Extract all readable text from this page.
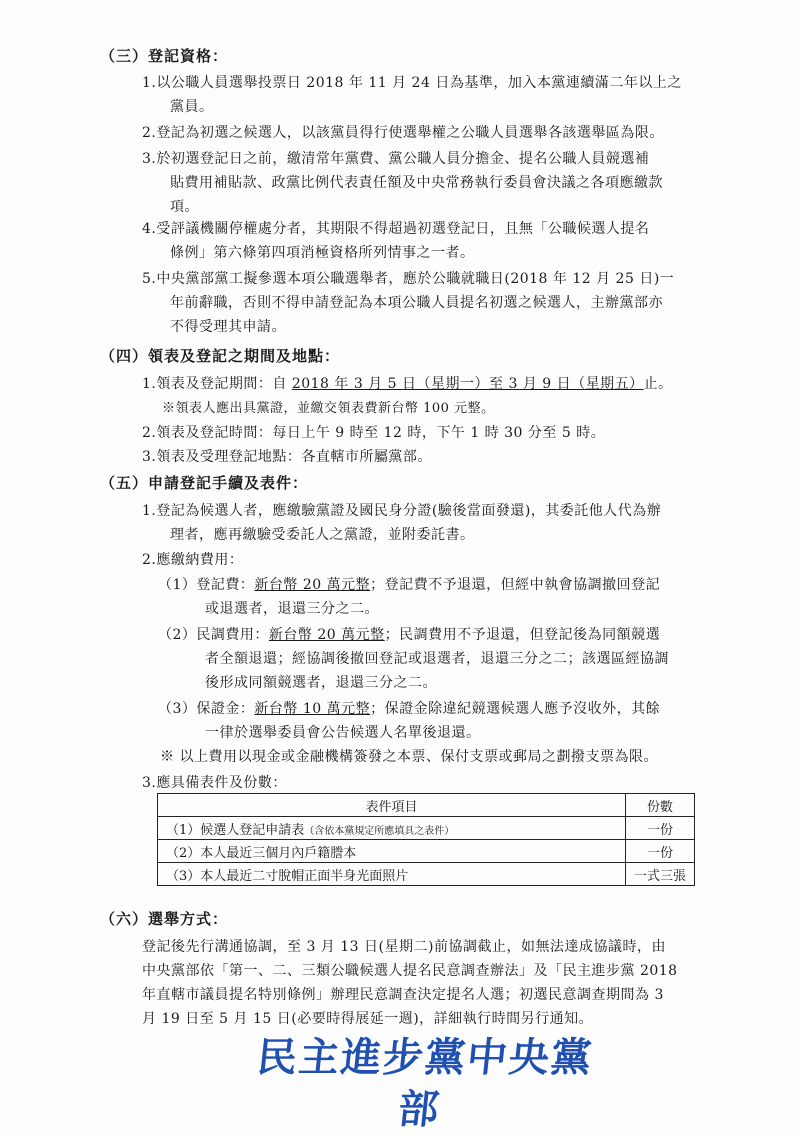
（三）登記資格：
1.以公職人員選舉投票日 2018 年 11 月 24 日為基準，加入本黨連續滿二年以上之
黨員。
2.登記為初選之候選人，以該黨員得行使選舉權之公職人員選舉各該選舉區為限。
3.於初選登記日之前，繳清常年黨費、黨公職人員分擔金、提名公職人員競選補
貼費用補貼款、政黨比例代表責任額及中央常務執行委員會決議之各項應繳款
項。
4.受評議機關停權處分者，其期限不得超過初選登記日，且無「公職候選人提名
條例」第六條第四項消極資格所列情事之一者。
5.中央黨部黨工擬參選本項公職選舉者，應於公職就職日(2018 年 12 月 25 日)一
年前辭職，否則不得申請登記為本項公職人員提名初選之候選人，主辦黨部亦
不得受理其申請。
（四）領表及登記之期間及地點：
1.領表及登記期間：自 2018 年 3 月 5 日（星期一）至 3 月 9 日（星期五）止。
※領表人應出具黨證，並繳交領表費新台幣 100 元整。
2.領表及登記時間：每日上午 9 時至 12 時，下午 1 時 30 分至 5 時。
3.領表及受理登記地點：各直轄市所屬黨部。
（五）申請登記手續及表件：
1.登記為候選人者，應繳驗黨證及國民身分證(驗後當面發還)，其委託他人代為辦
理者，應再繳驗受委託人之黨證，並附委託書。
2.應繳納費用：
（1）登記費：新台幣 20 萬元整；登記費不予退還，但經中執會協調撤回登記
或退選者，退還三分之二。
（2）民調費用：新台幣 20 萬元整；民調費用不予退還，但登記後為同額競選
者全額退還；經協調後撤回登記或退選者，退還三分之二；該選區經協調
後形成同額競選者，退還三分之二。
（3）保證金：新台幣 10 萬元整；保證金除違紀競選候選人應予沒收外，其餘
一律於選舉委員會公告候選人名單後退還。
※ 以上費用以現金或金融機構簽發之本票、保付支票或郵局之劃撥支票為限。
3.應具備表件及份數：
表件項目	份數
（1）候選人登記申請表（含依本黨規定所應填具之表件）	一份
（2）本人最近三個月內戶籍謄本	一份
（3）本人最近二寸脫帽正面半身光面照片	一式三張
（六）選舉方式：
登記後先行溝通協調，至 3 月 13 日(星期二)前協調截止，如無法達成協議時，由
中央黨部依「第一、二、三類公職候選人提名民意調查辦法」及「民主進步黨 2018
年直轄市議員提名特別條例」辦理民意調查決定提名人選；初選民意調查期間為 3
月 19 日至 5 月 15 日(必要時得展延一週)，詳細執行時間另行通知。
民主進步黨中央黨部
